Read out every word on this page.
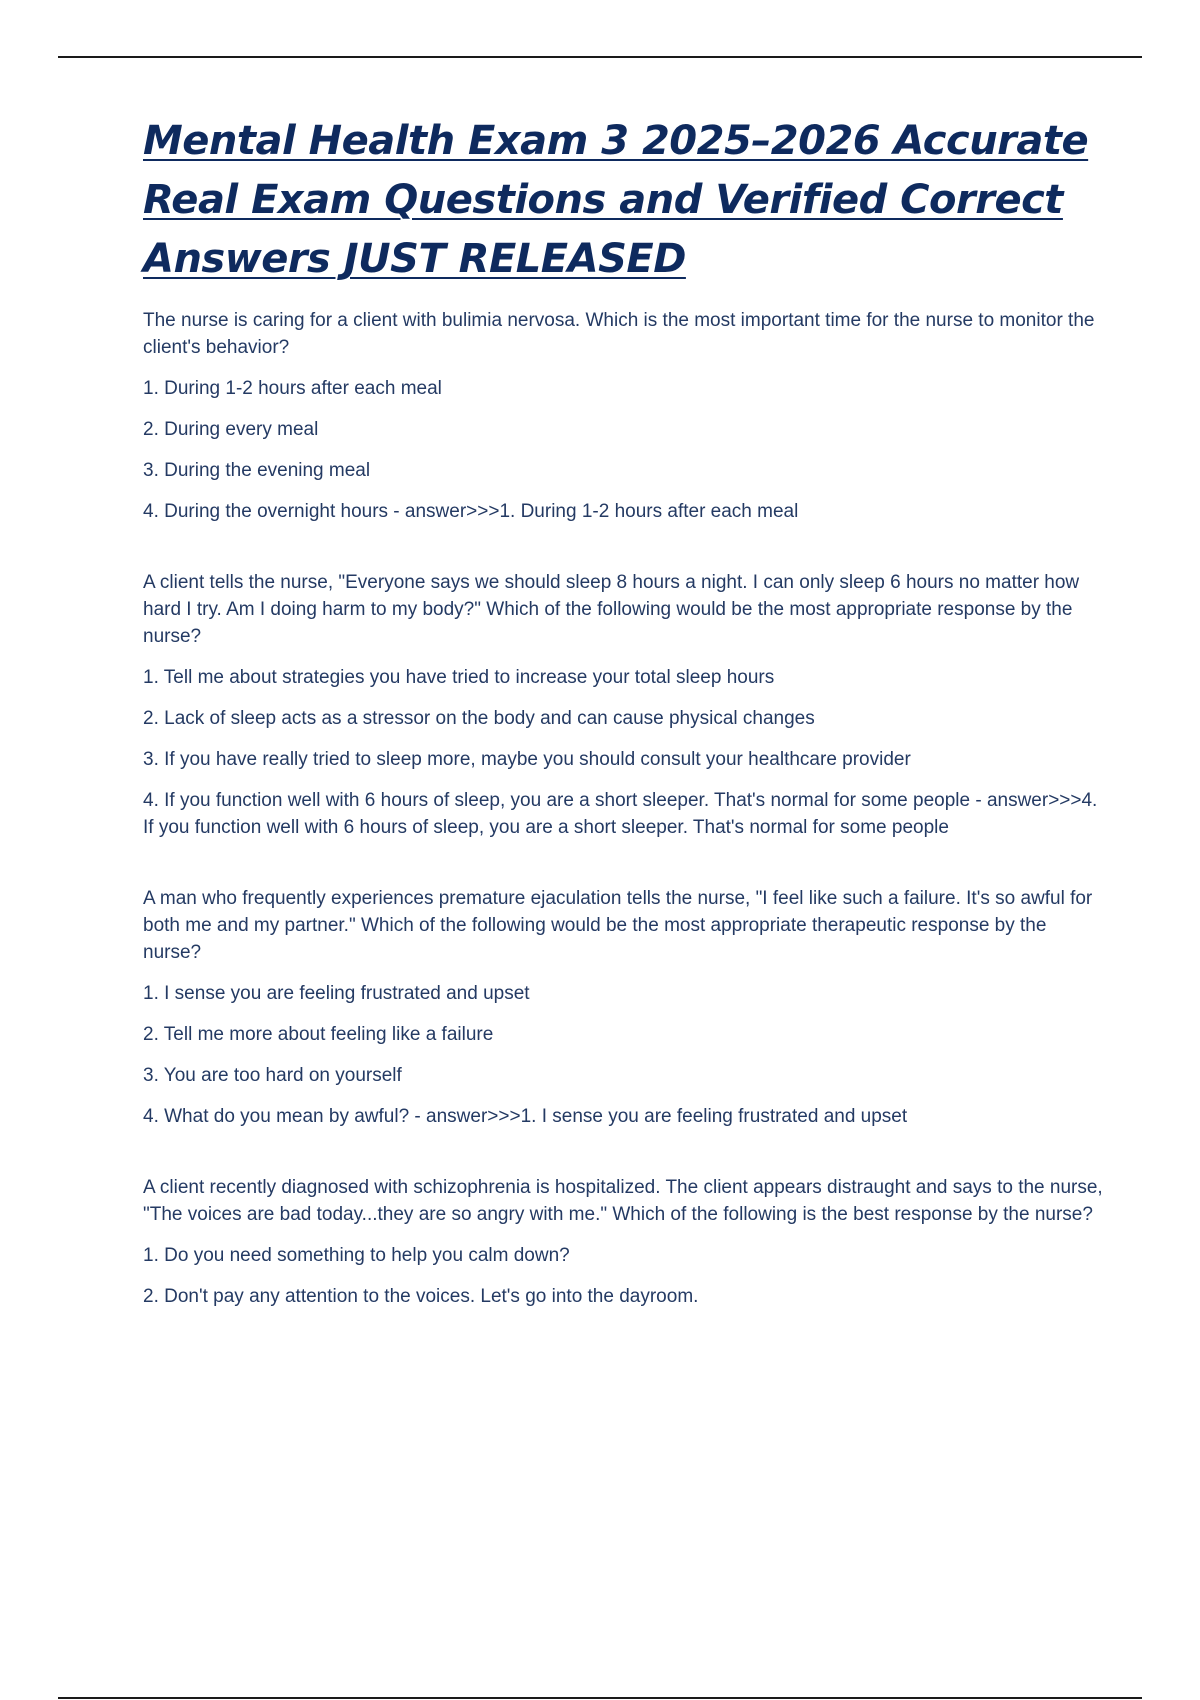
Mental Health Exam 3 2025–2026 Accurate Real Exam Questions and Verified Correct Answers JUST RELEASED

The nurse is caring for a client with bulimia nervosa. Which is the most important time for the nurse to monitor the client's behavior?

1. During 1-2 hours after each meal

2. During every meal

3. During the evening meal

4. During the overnight hours - answer>>>1. During 1-2 hours after each meal

A client tells the nurse, "Everyone says we should sleep 8 hours a night. I can only sleep 6 hours no matter how hard I try. Am I doing harm to my body?" Which of the following would be the most appropriate response by the nurse?

1. Tell me about strategies you have tried to increase your total sleep hours

2. Lack of sleep acts as a stressor on the body and can cause physical changes

3. If you have really tried to sleep more, maybe you should consult your healthcare provider

4. If you function well with 6 hours of sleep, you are a short sleeper. That's normal for some people - answer>>>4. If you function well with 6 hours of sleep, you are a short sleeper. That's normal for some people

A man who frequently experiences premature ejaculation tells the nurse, "I feel like such a failure. It's so awful for both me and my partner." Which of the following would be the most appropriate therapeutic response by the nurse?

1. I sense you are feeling frustrated and upset

2. Tell me more about feeling like a failure

3. You are too hard on yourself

4. What do you mean by awful? - answer>>>1. I sense you are feeling frustrated and upset

A client recently diagnosed with schizophrenia is hospitalized. The client appears distraught and says to the nurse, "The voices are bad today...they are so angry with me." Which of the following is the best response by the nurse?

1. Do you need something to help you calm down?

2. Don't pay any attention to the voices. Let's go into the dayroom.
